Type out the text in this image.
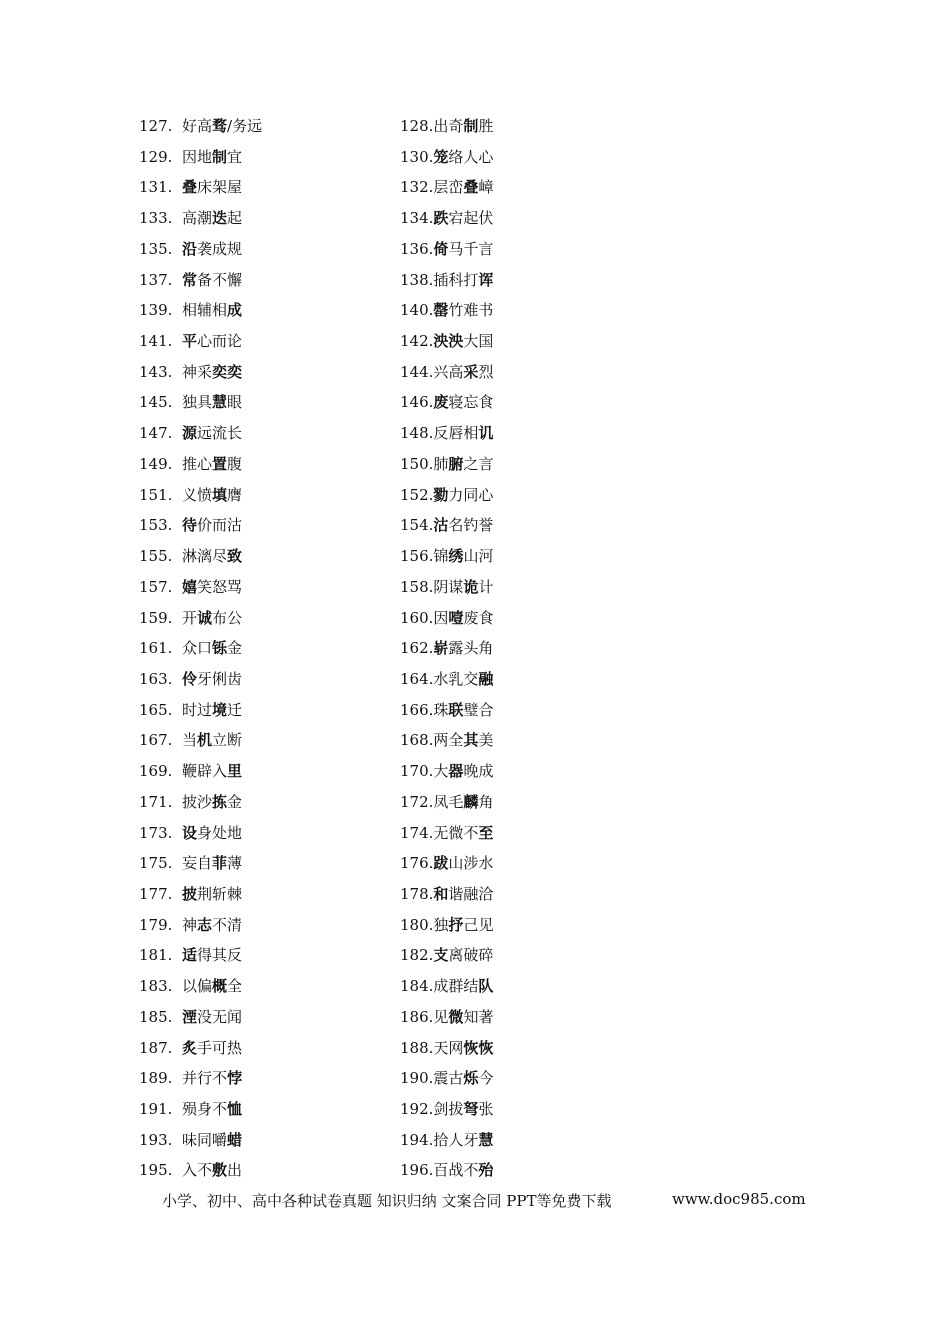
127. 好高骛/务远	128.出奇制胜
129. 因地制宜	130.笼络人心
131. 叠床架屋	132.层峦叠嶂
133. 高潮迭起	134.跌宕起伏
135. 沿袭成规	136.倚马千言
137. 常备不懈	138.插科打诨
139. 相辅相成	140.罄竹难书
141. 平心而论	142.泱泱大国
143. 神采奕奕	144.兴高采烈
145. 独具慧眼	146.废寝忘食
147. 源远流长	148.反唇相讥
149. 推心置腹	150.肺腑之言
151. 义愤填膺	152.勠力同心
153. 待价而沽	154.沽名钓誉
155. 淋漓尽致	156.锦绣山河
157. 嬉笑怒骂	158.阴谋诡计
159. 开诚布公	160.因噎废食
161. 众口铄金	162.崭露头角
163. 伶牙俐齿	164.水乳交融
165. 时过境迁	166.珠联璧合
167. 当机立断	168.两全其美
169. 鞭辟入里	170.大器晚成
171. 披沙拣金	172.凤毛麟角
173. 设身处地	174.无微不至
175. 妄自菲薄	176.跋山涉水
177. 披荆斩棘	178.和谐融洽
179. 神志不清	180.独抒己见
181. 适得其反	182.支离破碎
183. 以偏概全	184.成群结队
185. 湮没无闻	186.见微知著
187. 炙手可热	188.天网恢恢
189. 并行不悖	190.震古烁今
191. 殒身不恤	192.剑拔弩张
193. 味同嚼蜡	194.拾人牙慧
195. 入不敷出	196.百战不殆
小学、初中、高中各种试卷真题 知识归纳 文案合同 PPT等免费下载	www.doc985.com
